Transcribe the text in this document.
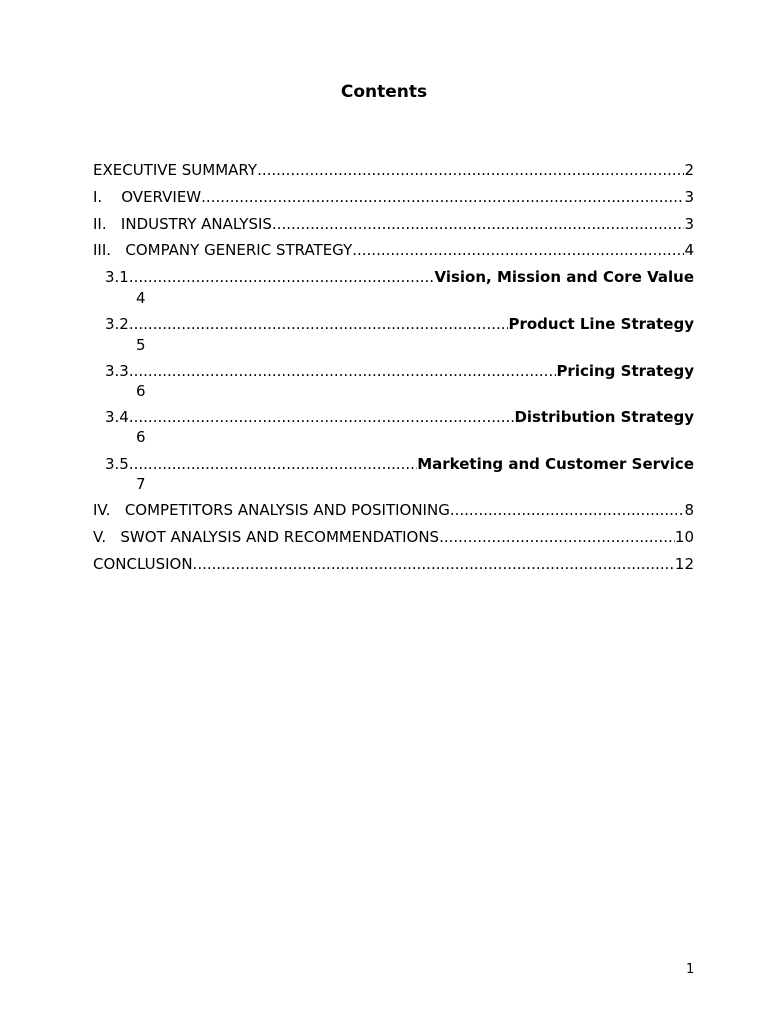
Contents
EXECUTIVE SUMMARY .....	2
I. OVERVIEW .....	3
II. INDUSTRY ANALYSIS .....	3
III. COMPANY GENERIC STRATEGY .....	4
3.1. .....	Vision, Mission and Core Value
4
3.2. .....	Product Line Strategy
5
3.3. .....	Pricing Strategy
6
3.4. .....	Distribution Strategy
6
3.5. .....	Marketing and Customer Service
7
IV. COMPETITORS ANALYSIS AND POSITIONING .....	8
V. SWOT ANALYSIS AND RECOMMENDATIONS .....	10
CONCLUSION .....	12
1
